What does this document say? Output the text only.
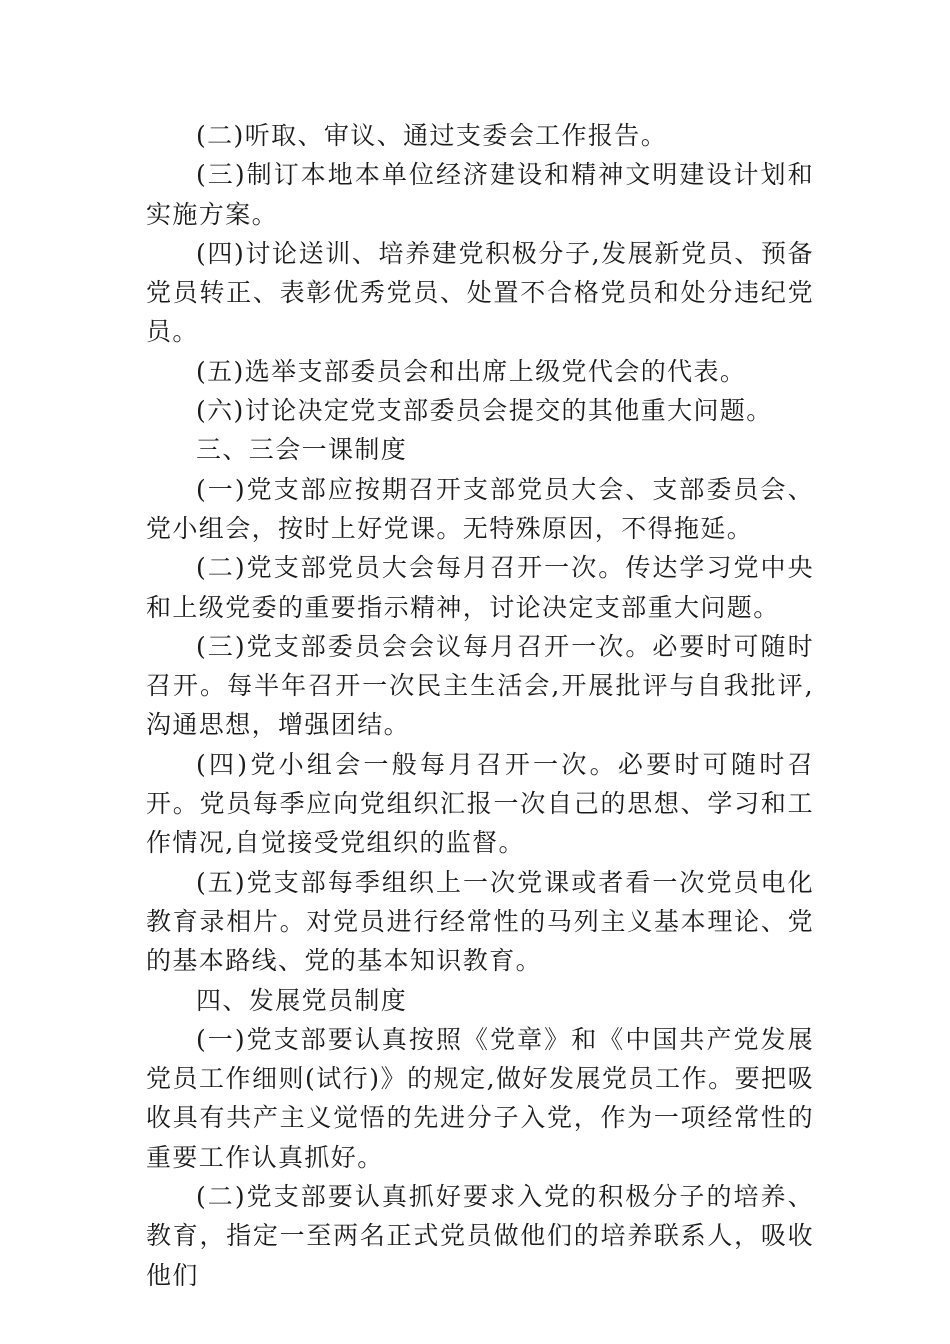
(二)听取、审议、通过支委会工作报告。

(三)制订本地本单位经济建设和精神文明建设计划和实施方案。

(四)讨论送训、培养建党积极分子,发展新党员、预备党员转正、表彰优秀党员、处置不合格党员和处分违纪党员。

(五)选举支部委员会和出席上级党代会的代表。

(六)讨论决定党支部委员会提交的其他重大问题。

三、三会一课制度

(一)党支部应按期召开支部党员大会、支部委员会、党小组会，按时上好党课。无特殊原因，不得拖延。

(二)党支部党员大会每月召开一次。传达学习党中央和上级党委的重要指示精神，讨论决定支部重大问题。

(三)党支部委员会会议每月召开一次。必要时可随时召开。每半年召开一次民主生活会,开展批评与自我批评,沟通思想，增强团结。

(四)党小组会一般每月召开一次。必要时可随时召开。党员每季应向党组织汇报一次自己的思想、学习和工作情况,自觉接受党组织的监督。

(五)党支部每季组织上一次党课或者看一次党员电化教育录相片。对党员进行经常性的马列主义基本理论、党的基本路线、党的基本知识教育。

四、发展党员制度

(一)党支部要认真按照《党章》和《中国共产党发展党员工作细则(试行)》的规定,做好发展党员工作。要把吸收具有共产主义觉悟的先进分子入党，作为一项经常性的重要工作认真抓好。

(二)党支部要认真抓好要求入党的积极分子的培养、教育，指定一至两名正式党员做他们的培养联系人，吸收他们
